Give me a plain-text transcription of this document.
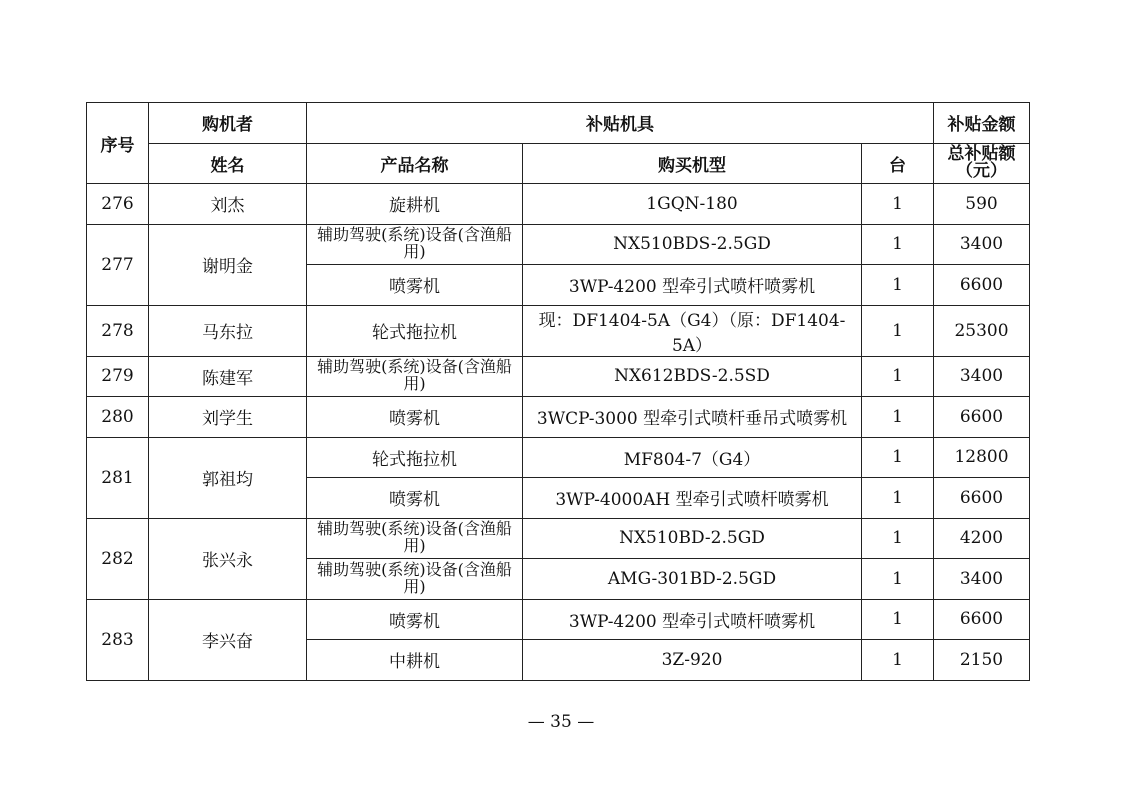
序号	购机者	补贴机具			补贴金额
	姓名	产品名称	购买机型	台	总补贴额（元）
276	刘杰	旋耕机	1GQN-180	1	590
277	谢明金	辅助驾驶(系统)设备(含渔船用)	NX510BDS-2.5GD	1	3400
		喷雾机	3WP-4200 型牵引式喷杆喷雾机	1	6600
278	马东拉	轮式拖拉机	现：DF1404-5A（G4）（原：DF1404-5A）	1	25300
279	陈建军	辅助驾驶(系统)设备(含渔船用)	NX612BDS-2.5SD	1	3400
280	刘学生	喷雾机	3WCP-3000 型牵引式喷杆垂吊式喷雾机	1	6600
281	郭祖均	轮式拖拉机	MF804-7（G4）	1	12800
		喷雾机	3WP-4000AH 型牵引式喷杆喷雾机	1	6600
282	张兴永	辅助驾驶(系统)设备(含渔船用)	NX510BD-2.5GD	1	4200
		辅助驾驶(系统)设备(含渔船用)	AMG-301BD-2.5GD	1	3400
283	李兴奋	喷雾机	3WP-4200 型牵引式喷杆喷雾机	1	6600
		中耕机	3Z-920	1	2150
— 35 —
